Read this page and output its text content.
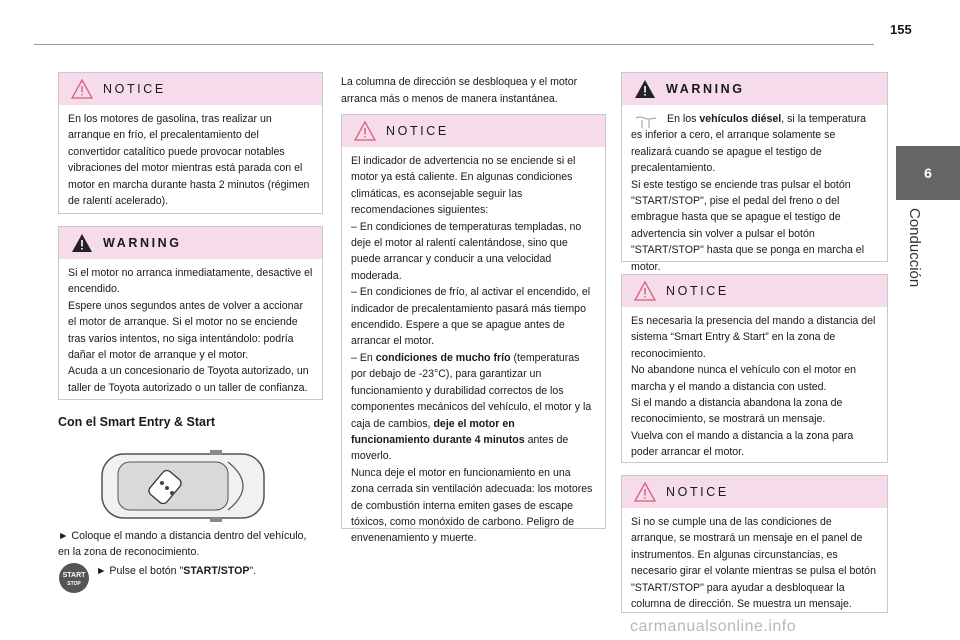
155
6
Conducción
NOTICE

En los motores de gasolina, tras realizar un arranque en frío, el precalentamiento del convertidor catalítico puede provocar notables vibraciones del motor mientras está parada con el motor en marcha durante hasta 2 minutos (régimen de ralentí acelerado).

WARNING

Si el motor no arranca inmediatamente, desactive el encendido.
Espere unos segundos antes de volver a accionar el motor de arranque. Si el motor no se enciende tras varios intentos, no siga intentándolo: podría dañar el motor de arranque y el motor.
Acuda a un concesionario de Toyota autorizado, un taller de Toyota autorizado o un taller de confianza.

Con el Smart Entry & Start
► Coloque el mando a distancia dentro del vehículo, en la zona de reconocimiento.
START
STOP
► Pulse el botón "START/STOP".
La columna de dirección se desbloquea y el motor arranca más o menos de manera instantánea.
NOTICE

El indicador de advertencia no se enciende si el motor ya está caliente. En algunas condiciones climáticas, es aconsejable seguir las recomendaciones siguientes:

– En condiciones de temperaturas templadas, no deje el motor al ralentí calentándose, sino que puede arrancar y conducir a una velocidad moderada.

– En condiciones de frío, al activar el encendido, el indicador de precalentamiento pasará más tiempo encendido. Espere a que se apague antes de arrancar el motor.

– En condiciones de mucho frío (temperaturas por debajo de -23°C), para garantizar un funcionamiento y durabilidad correctos de los componentes mecánicos del vehículo, el motor y la caja de cambios, deje el motor en funcionamiento durante 4 minutos antes de moverlo.

Nunca deje el motor en funcionamiento en una zona cerrada sin ventilación adecuada: los motores de combustión interna emiten gases de escape tóxicos, como monóxido de carbono. Peligro de envenenamiento y muerte.

WARNING

En los vehículos diésel, si la temperatura es inferior a cero, el arranque solamente se realizará cuando se apague el testigo de precalentamiento.

Si este testigo se enciende tras pulsar el botón "START/STOP", pise el pedal del freno o del embrague hasta que se apague el testigo de advertencia sin volver a pulsar el botón "START/STOP" hasta que se ponga en marcha el motor.

NOTICE

Es necesaria la presencia del mando a distancia del sistema “Smart Entry & Start” en la zona de reconocimiento.
No abandone nunca el vehículo con el motor en marcha y el mando a distancia con usted.
Si el mando a distancia abandona la zona de reconocimiento, se mostrará un mensaje.
Vuelva con el mando a distancia a la zona para poder arrancar el motor.

NOTICE

Si no se cumple una de las condiciones de arranque, se mostrará un mensaje en el panel de instrumentos. En algunas circunstancias, es necesario girar el volante mientras se pulsa el botón "START/STOP" para ayudar a desbloquear la columna de dirección. Se muestra un mensaje.

carmanualsonline.info
